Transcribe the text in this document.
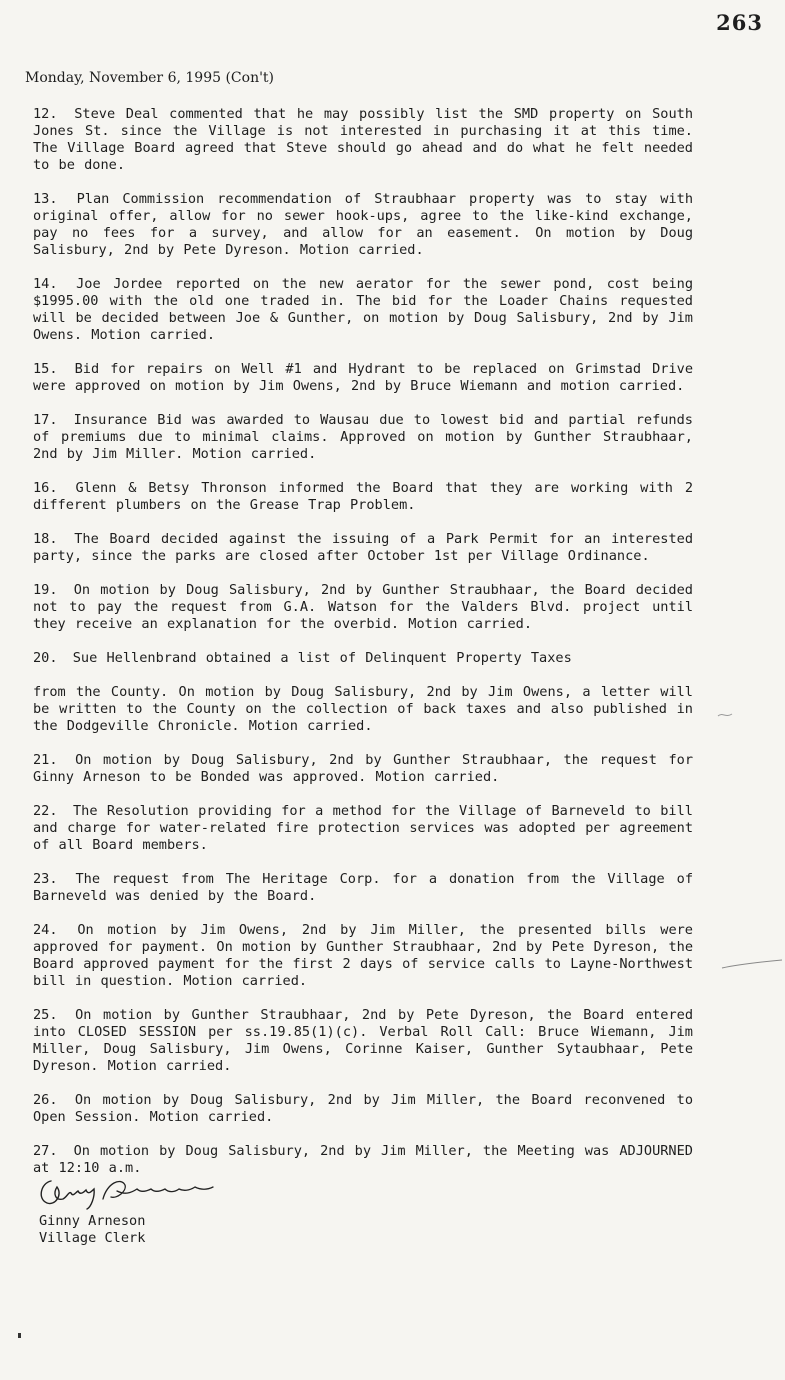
263
Monday, November 6, 1995 (Con't)

12. Steve Deal commented that he may possibly list the SMD property on South Jones St. since the Village is not interested in purchasing it at this time. The Village Board agreed that Steve should go ahead and do what he felt needed to be done.

13. Plan Commission recommendation of Straubhaar property was to stay with original offer, allow for no sewer hook-ups, agree to the like-kind exchange, pay no fees for a survey, and allow for an easement. On motion by Doug Salisbury, 2nd by Pete Dyreson. Motion carried.

14. Joe Jordee reported on the new aerator for the sewer pond, cost being $1995.00 with the old one traded in. The bid for the Loader Chains requested will be decided between Joe & Gunther, on motion by Doug Salisbury, 2nd by Jim Owens. Motion carried.

15. Bid for repairs on Well #1 and Hydrant to be replaced on Grimstad Drive were approved on motion by Jim Owens, 2nd by Bruce Wiemann and motion carried.

17. Insurance Bid was awarded to Wausau due to lowest bid and partial refunds of premiums due to minimal claims. Approved on motion by Gunther Straubhaar, 2nd by Jim Miller. Motion carried.

16. Glenn & Betsy Thronson informed the Board that they are working with 2 different plumbers on the Grease Trap Problem.

18. The Board decided against the issuing of a Park Permit for an interested party, since the parks are closed after October 1st per Village Ordinance.

19. On motion by Doug Salisbury, 2nd by Gunther Straubhaar, the Board decided not to pay the request from G.A. Watson for the Valders Blvd. project until they receive an explanation for the overbid. Motion carried.

20. Sue Hellenbrand obtained a list of Delinquent Property Taxes

from the County. On motion by Doug Salisbury, 2nd by Jim Owens, a letter will be written to the County on the collection of back taxes and also published in the Dodgeville Chronicle. Motion carried.

21. On motion by Doug Salisbury, 2nd by Gunther Straubhaar, the request for Ginny Arneson to be Bonded was approved. Motion carried.

22. The Resolution providing for a method for the Village of Barneveld to bill and charge for water-related fire protection services was adopted per agreement of all Board members.

23. The request from The Heritage Corp. for a donation from the Village of Barneveld was denied by the Board.

24. On motion by Jim Owens, 2nd by Jim Miller, the presented bills were approved for payment. On motion by Gunther Straubhaar, 2nd by Pete Dyreson, the Board approved payment for the first 2 days of service calls to Layne-Northwest bill in question. Motion carried.

25. On motion by Gunther Straubhaar, 2nd by Pete Dyreson, the Board entered into CLOSED SESSION per ss.19.85(1)(c). Verbal Roll Call: Bruce Wiemann, Jim Miller, Doug Salisbury, Jim Owens, Corinne Kaiser, Gunther Sytaubhaar, Pete Dyreson. Motion carried.

26. On motion by Doug Salisbury, 2nd by Jim Miller, the Board reconvened to Open Session. Motion carried.

27. On motion by Doug Salisbury, 2nd by Jim Miller, the Meeting was ADJOURNED at 12:10 a.m.

Ginny Arneson
Village Clerk
